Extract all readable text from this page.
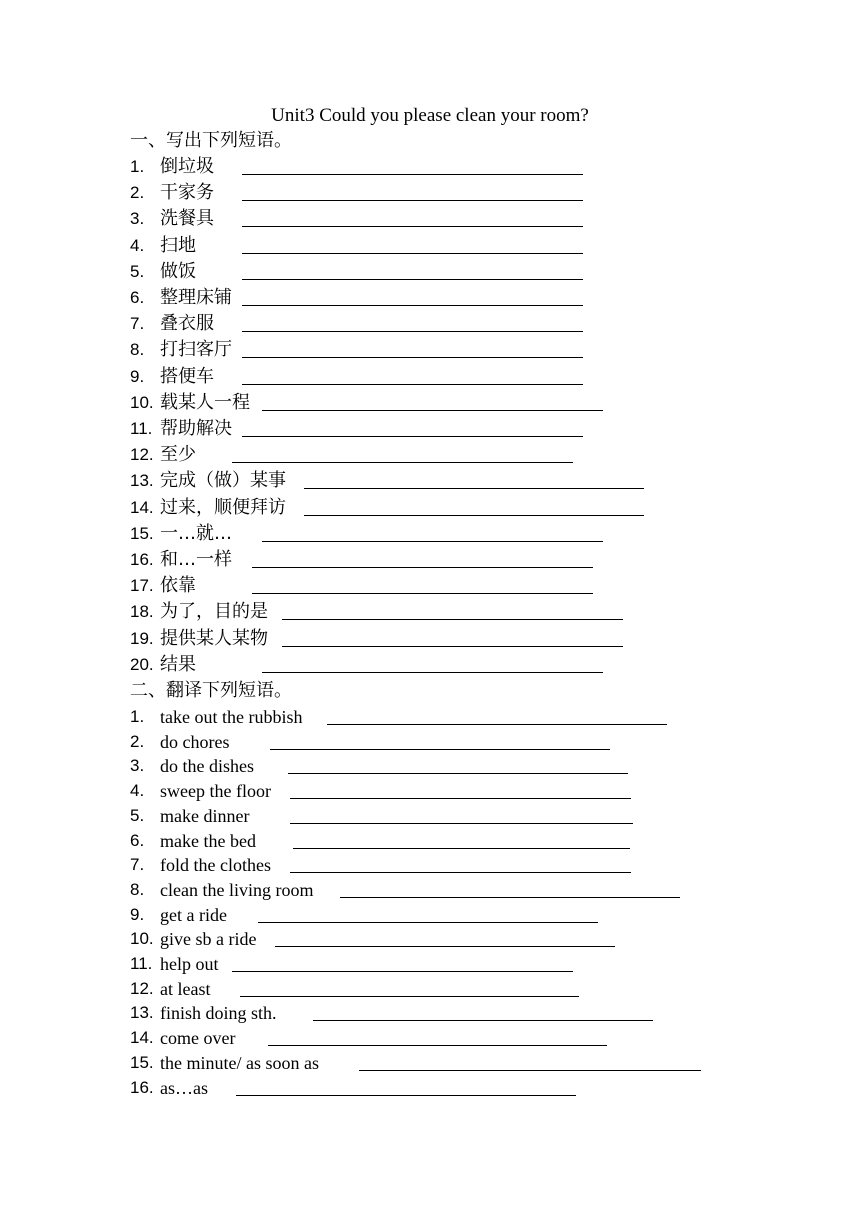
Unit3 Could you please clean your room?
一、写出下列短语。
1. 倒垃圾
2. 干家务
3. 洗餐具
4. 扫地
5. 做饭
6. 整理床铺
7. 叠衣服
8. 打扫客厅
9. 搭便车
10. 载某人一程
11. 帮助解决
12. 至少
13. 完成（做）某事
14. 过来，顺便拜访
15. 一…就…
16. 和…一样
17. 依靠
18. 为了，目的是
19. 提供某人某物
20. 结果
二、翻译下列短语。
1. take out the rubbish
2. do chores
3. do the dishes
4. sweep the floor
5. make dinner
6. make the bed
7. fold the clothes
8. clean the living room
9. get a ride
10. give sb a ride
11. help out
12. at least
13. finish doing sth.
14. come over
15. the minute/ as soon as
16. as…as
